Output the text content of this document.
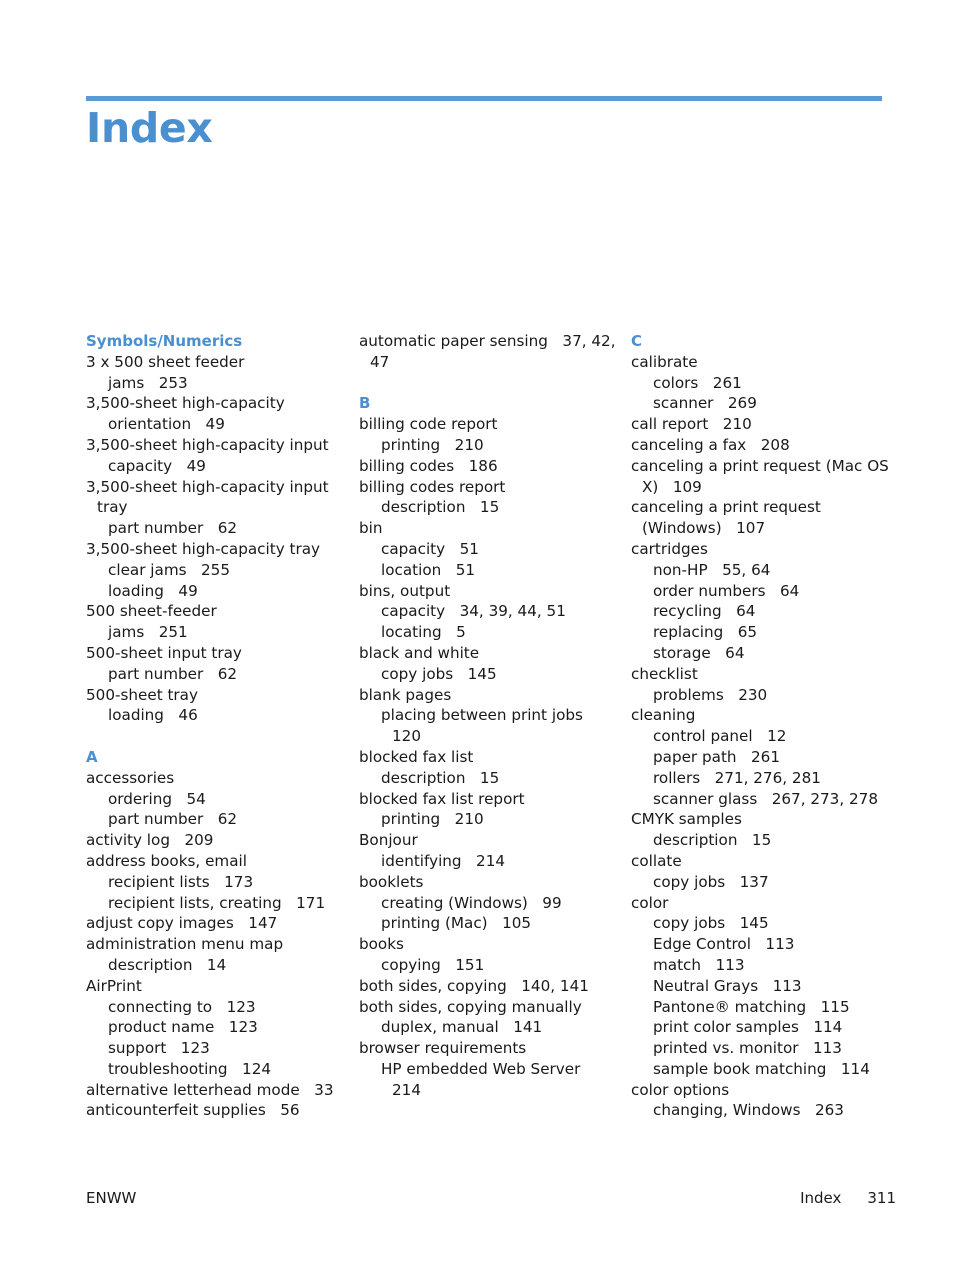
Index
Symbols/Numerics
3 x 500 sheet feeder
jams   253
3,500-sheet high-capacity
orientation   49
3,500-sheet high-capacity input
capacity   49
3,500-sheet high-capacity input
tray
part number   62
3,500-sheet high-capacity tray
clear jams   255
loading   49
500 sheet-feeder
jams   251
500-sheet input tray
part number   62
500-sheet tray
loading   46
A
accessories
ordering   54
part number   62
activity log   209
address books, email
recipient lists   173
recipient lists, creating   171
adjust copy images   147
administration menu map
description   14
AirPrint
connecting to   123
product name   123
support   123
troubleshooting   124
alternative letterhead mode   33
anticounterfeit supplies   56
automatic paper sensing   37, 42,
47
B
billing code report
printing   210
billing codes   186
billing codes report
description   15
bin
capacity   51
location   51
bins, output
capacity   34, 39, 44, 51
locating   5
black and white
copy jobs   145
blank pages
placing between print jobs
120
blocked fax list
description   15
blocked fax list report
printing   210
Bonjour
identifying   214
booklets
creating (Windows)   99
printing (Mac)   105
books
copying   151
both sides, copying   140, 141
both sides, copying manually
duplex, manual   141
browser requirements
HP embedded Web Server
214
C
calibrate
colors   261
scanner   269
call report   210
canceling a fax   208
canceling a print request (Mac OS
X)   109
canceling a print request
(Windows)   107
cartridges
non-HP   55, 64
order numbers   64
recycling   64
replacing   65
storage   64
checklist
problems   230
cleaning
control panel   12
paper path   261
rollers   271, 276, 281
scanner glass   267, 273, 278
CMYK samples
description   15
collate
copy jobs   137
color
copy jobs   145
Edge Control   113
match   113
Neutral Grays   113
Pantone® matching   115
print color samples   114
printed vs. monitor   113
sample book matching   114
color options
changing, Windows   263
ENWW	Index 311
